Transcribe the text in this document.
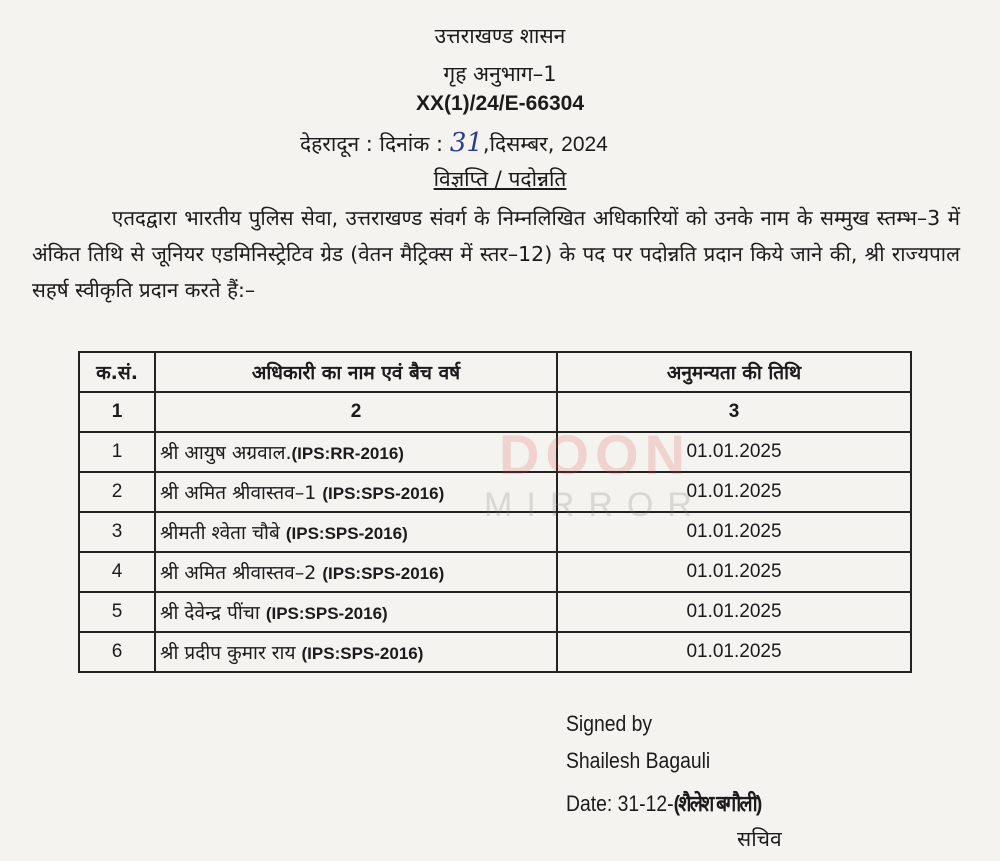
उत्तराखण्ड शासन
गृह अनुभाग–1
XX(1)/24/E-66304
देहरादून : दिनांक : 31,दिसम्बर, 2024
विज्ञप्ति / पदोन्नति
एतदद्वारा भारतीय पुलिस सेवा, उत्तराखण्ड संवर्ग के निम्नलिखित अधिकारियों को उनके नाम के सम्मुख स्तम्भ–3 में अंकित तिथि से जूनियर एडमिनिस्ट्रेटिव ग्रेड (वेतन मैट्रिक्स में स्तर–12) के पद पर पदोन्नति प्रदान किये जाने की, श्री राज्यपाल सहर्ष स्वीकृति प्रदान करते हैं:–
क.सं.	अधिकारी का नाम एवं बैच वर्ष	अनुमन्यता की तिथि
1	2	3
1	श्री आयुष अग्रवाल.(IPS:RR-2016)	01.01.2025
2	श्री अमित श्रीवास्तव–1 (IPS:SPS-2016)	01.01.2025
3	श्रीमती श्वेता चौबे (IPS:SPS-2016)	01.01.2025
4	श्री अमित श्रीवास्तव–2 (IPS:SPS-2016)	01.01.2025
5	श्री देवेन्द्र पींचा (IPS:SPS-2016)	01.01.2025
6	श्री प्रदीप कुमार राय (IPS:SPS-2016)	01.01.2025
DOON
MIRROR
Signed by
Shailesh Bagauli
Date: 31-12-(शैलेश बगौली)
सचिव
